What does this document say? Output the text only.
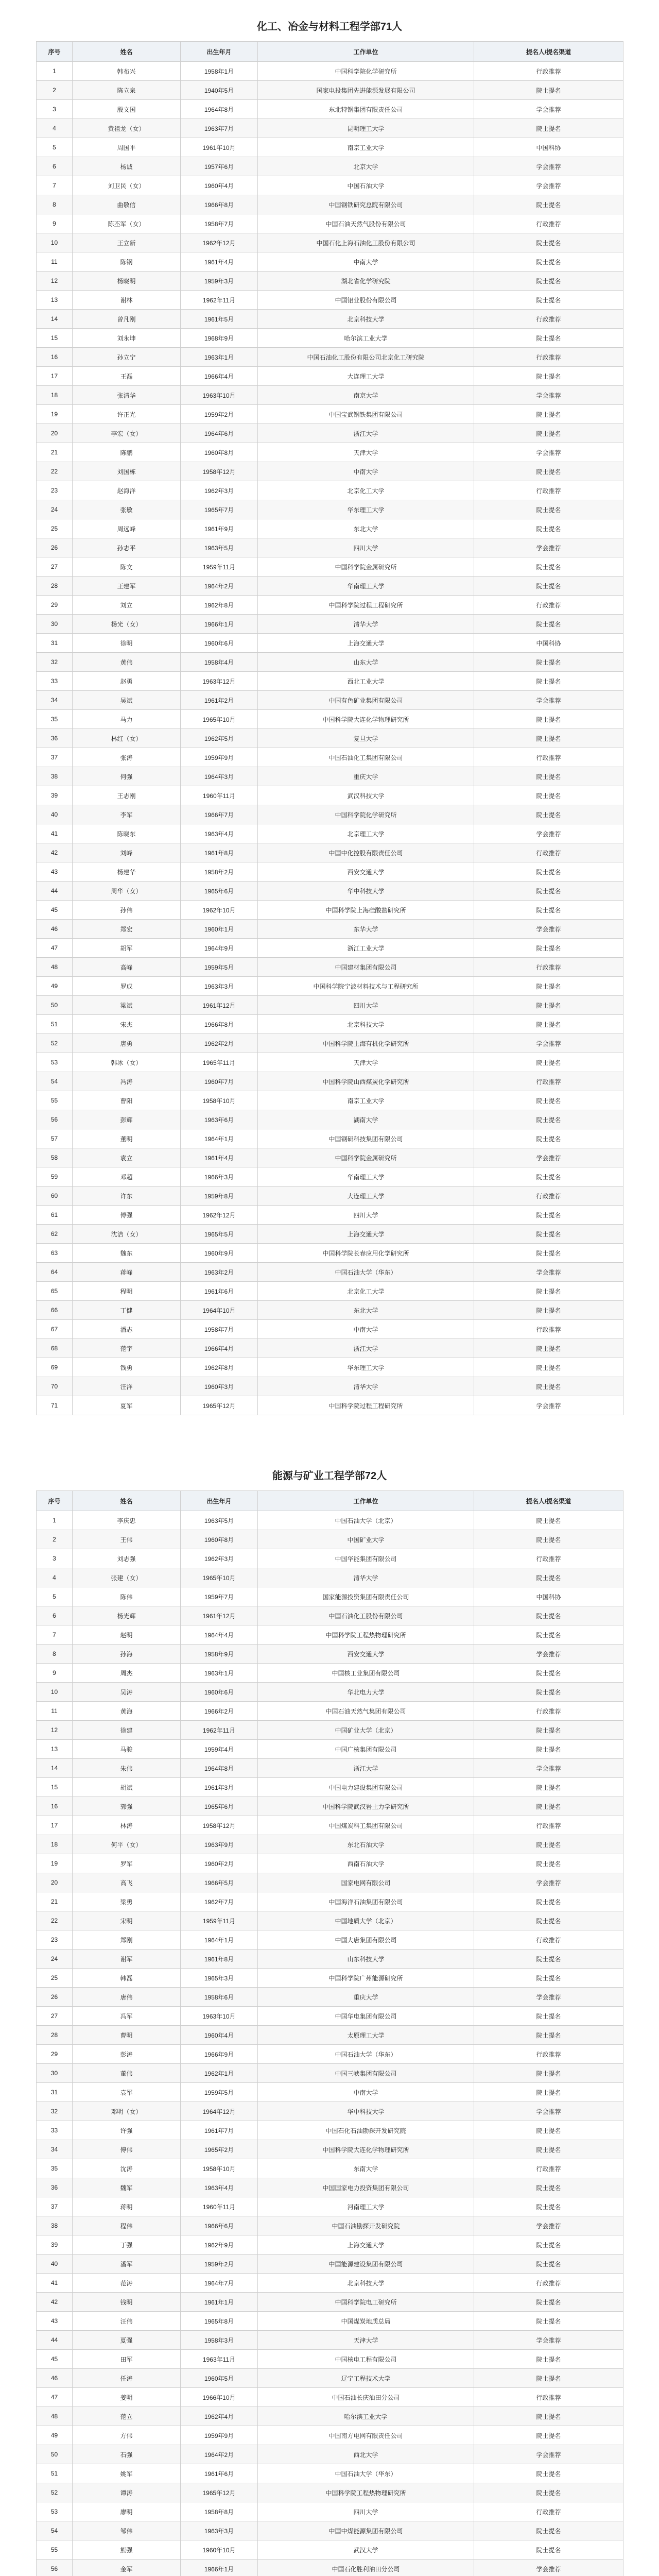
化工、冶金与材料工程学部71人
序号	姓名	出生年月	工作单位	提名人/提名渠道
1	韩布兴	1958年1月	中国科学院化学研究所	行政推荐
2	陈立泉	1940年5月	国家电投集团先进能源发展有限公司	院士提名
3	殷文国	1964年8月	东北特钢集团有限责任公司	学会推荐
4	黄祖龙（女）	1963年7月	昆明理工大学	院士提名
5	周国平	1961年10月	南京工业大学	中国科协
6	杨诚	1957年6月	北京大学	学会推荐
7	刘卫民（女）	1960年4月	中国石油大学	学会推荐
8	曲敬信	1966年8月	中国钢铁研究总院有限公司	院士提名
9	陈丕军（女）	1958年7月	中国石油天然气股份有限公司	行政推荐
10	王立新	1962年12月	中国石化上海石油化工股份有限公司	院士提名
11	陈钢	1961年4月	中南大学	院士提名
12	杨晓明	1959年3月	湖北省化学研究院	院士提名
13	谢林	1962年11月	中国铝业股份有限公司	院士提名
14	曾凡刚	1961年5月	北京科技大学	行政推荐
15	刘永坤	1968年9月	哈尔滨工业大学	院士提名
16	孙立宁	1963年1月	中国石油化工股份有限公司北京化工研究院	行政推荐
17	王磊	1966年4月	大连理工大学	院士提名
18	张清华	1963年10月	南京大学	学会推荐
19	许正光	1959年2月	中国宝武钢铁集团有限公司	院士提名
20	李宏（女）	1964年6月	浙江大学	院士提名
21	陈鹏	1960年8月	天津大学	学会推荐
22	刘国栋	1958年12月	中南大学	院士提名
23	赵海洋	1962年3月	北京化工大学	行政推荐
24	张敏	1965年7月	华东理工大学	院士提名
25	周远峰	1961年9月	东北大学	院士提名
26	孙志平	1963年5月	四川大学	学会推荐
27	陈文	1959年11月	中国科学院金属研究所	院士提名
28	王建军	1964年2月	华南理工大学	院士提名
29	刘立	1962年8月	中国科学院过程工程研究所	行政推荐
30	杨光（女）	1966年1月	清华大学	院士提名
31	徐明	1960年6月	上海交通大学	中国科协
32	黄伟	1958年4月	山东大学	院士提名
33	赵勇	1963年12月	西北工业大学	院士提名
34	吴斌	1961年2月	中国有色矿业集团有限公司	学会推荐
35	马力	1965年10月	中国科学院大连化学物理研究所	院士提名
36	林红（女）	1962年5月	复旦大学	院士提名
37	张涛	1959年9月	中国石油化工集团有限公司	行政推荐
38	何强	1964年3月	重庆大学	院士提名
39	王志刚	1960年11月	武汉科技大学	院士提名
40	李军	1966年7月	中国科学院化学研究所	院士提名
41	陈晓东	1963年4月	北京理工大学	学会推荐
42	刘峰	1961年8月	中国中化控股有限责任公司	行政推荐
43	杨建华	1958年2月	西安交通大学	院士提名
44	周华（女）	1965年6月	华中科技大学	院士提名
45	孙伟	1962年10月	中国科学院上海硅酸盐研究所	院士提名
46	郑宏	1960年1月	东华大学	学会推荐
47	胡军	1964年9月	浙江工业大学	院士提名
48	高峰	1959年5月	中国建材集团有限公司	行政推荐
49	罗成	1963年3月	中国科学院宁波材料技术与工程研究所	院士提名
50	梁斌	1961年12月	四川大学	院士提名
51	宋杰	1966年8月	北京科技大学	院士提名
52	唐勇	1962年2月	中国科学院上海有机化学研究所	学会推荐
53	韩冰（女）	1965年11月	天津大学	院士提名
54	冯涛	1960年7月	中国科学院山西煤炭化学研究所	行政推荐
55	曹阳	1958年10月	南京工业大学	院士提名
56	彭辉	1963年6月	湖南大学	院士提名
57	董明	1964年1月	中国钢研科技集团有限公司	院士提名
58	袁立	1961年4月	中国科学院金属研究所	学会推荐
59	邓超	1966年3月	华南理工大学	院士提名
60	许东	1959年8月	大连理工大学	行政推荐
61	傅强	1962年12月	四川大学	院士提名
62	沈洁（女）	1965年5月	上海交通大学	院士提名
63	魏东	1960年9月	中国科学院长春应用化学研究所	院士提名
64	蒋峰	1963年2月	中国石油大学（华东）	学会推荐
65	程明	1961年6月	北京化工大学	院士提名
66	丁健	1964年10月	东北大学	院士提名
67	潘志	1958年7月	中南大学	行政推荐
68	范宇	1966年4月	浙江大学	院士提名
69	钱勇	1962年8月	华东理工大学	院士提名
70	汪洋	1960年3月	清华大学	院士提名
71	夏军	1965年12月	中国科学院过程工程研究所	学会推荐
能源与矿业工程学部72人
序号	姓名	出生年月	工作单位	提名人/提名渠道
1	李庆忠	1963年5月	中国石油大学（北京）	院士提名
2	王伟	1960年8月	中国矿业大学	院士提名
3	刘志强	1962年3月	中国华能集团有限公司	行政推荐
4	张建（女）	1965年10月	清华大学	院士提名
5	陈伟	1959年7月	国家能源投资集团有限责任公司	中国科协
6	杨光辉	1961年12月	中国石油化工股份有限公司	院士提名
7	赵明	1964年4月	中国科学院工程热物理研究所	院士提名
8	孙海	1958年9月	西安交通大学	学会推荐
9	周杰	1963年1月	中国核工业集团有限公司	院士提名
10	吴涛	1960年6月	华北电力大学	院士提名
11	黄海	1966年2月	中国石油天然气集团有限公司	行政推荐
12	徐建	1962年11月	中国矿业大学（北京）	院士提名
13	马骏	1959年4月	中国广核集团有限公司	院士提名
14	朱伟	1964年8月	浙江大学	学会推荐
15	胡斌	1961年3月	中国电力建设集团有限公司	院士提名
16	郭强	1965年6月	中国科学院武汉岩土力学研究所	院士提名
17	林涛	1958年12月	中国煤炭科工集团有限公司	行政推荐
18	何平（女）	1963年9月	东北石油大学	院士提名
19	罗军	1960年2月	西南石油大学	院士提名
20	高飞	1966年5月	国家电网有限公司	学会推荐
21	梁勇	1962年7月	中国海洋石油集团有限公司	院士提名
22	宋明	1959年11月	中国地质大学（北京）	院士提名
23	郑刚	1964年1月	中国大唐集团有限公司	行政推荐
24	谢军	1961年8月	山东科技大学	院士提名
25	韩磊	1965年3月	中国科学院广州能源研究所	院士提名
26	唐伟	1958年6月	重庆大学	学会推荐
27	冯军	1963年10月	中国华电集团有限公司	院士提名
28	曹明	1960年4月	太原理工大学	院士提名
29	彭涛	1966年9月	中国石油大学（华东）	行政推荐
30	董伟	1962年1月	中国三峡集团有限公司	院士提名
31	袁军	1959年5月	中南大学	院士提名
32	邓明（女）	1964年12月	华中科技大学	学会推荐
33	许强	1961年7月	中国石化石油勘探开发研究院	院士提名
34	傅伟	1965年2月	中国科学院大连化学物理研究所	院士提名
35	沈涛	1958年10月	东南大学	行政推荐
36	魏军	1963年4月	中国国家电力投资集团有限公司	院士提名
37	蒋明	1960年11月	河南理工大学	院士提名
38	程伟	1966年6月	中国石油勘探开发研究院	学会推荐
39	丁强	1962年9月	上海交通大学	院士提名
40	潘军	1959年2月	中国能源建设集团有限公司	院士提名
41	范涛	1964年7月	北京科技大学	行政推荐
42	钱明	1961年1月	中国科学院电工研究所	院士提名
43	汪伟	1965年8月	中国煤炭地质总局	院士提名
44	夏强	1958年3月	天津大学	学会推荐
45	田军	1963年11月	中国核电工程有限公司	院士提名
46	任涛	1960年5月	辽宁工程技术大学	院士提名
47	姜明	1966年10月	中国石油长庆油田分公司	行政推荐
48	范立	1962年4月	哈尔滨工业大学	院士提名
49	方伟	1959年9月	中国南方电网有限责任公司	院士提名
50	石强	1964年2月	西北大学	学会推荐
51	姚军	1961年6月	中国石油大学（华东）	院士提名
52	谭涛	1965年12月	中国科学院工程热物理研究所	院士提名
53	廖明	1958年8月	四川大学	行政推荐
54	邹伟	1963年3月	中国中煤能源集团有限公司	院士提名
55	熊强	1960年10月	武汉大学	院士提名
56	金军	1966年1月	中国石化胜利油田分公司	学会推荐
